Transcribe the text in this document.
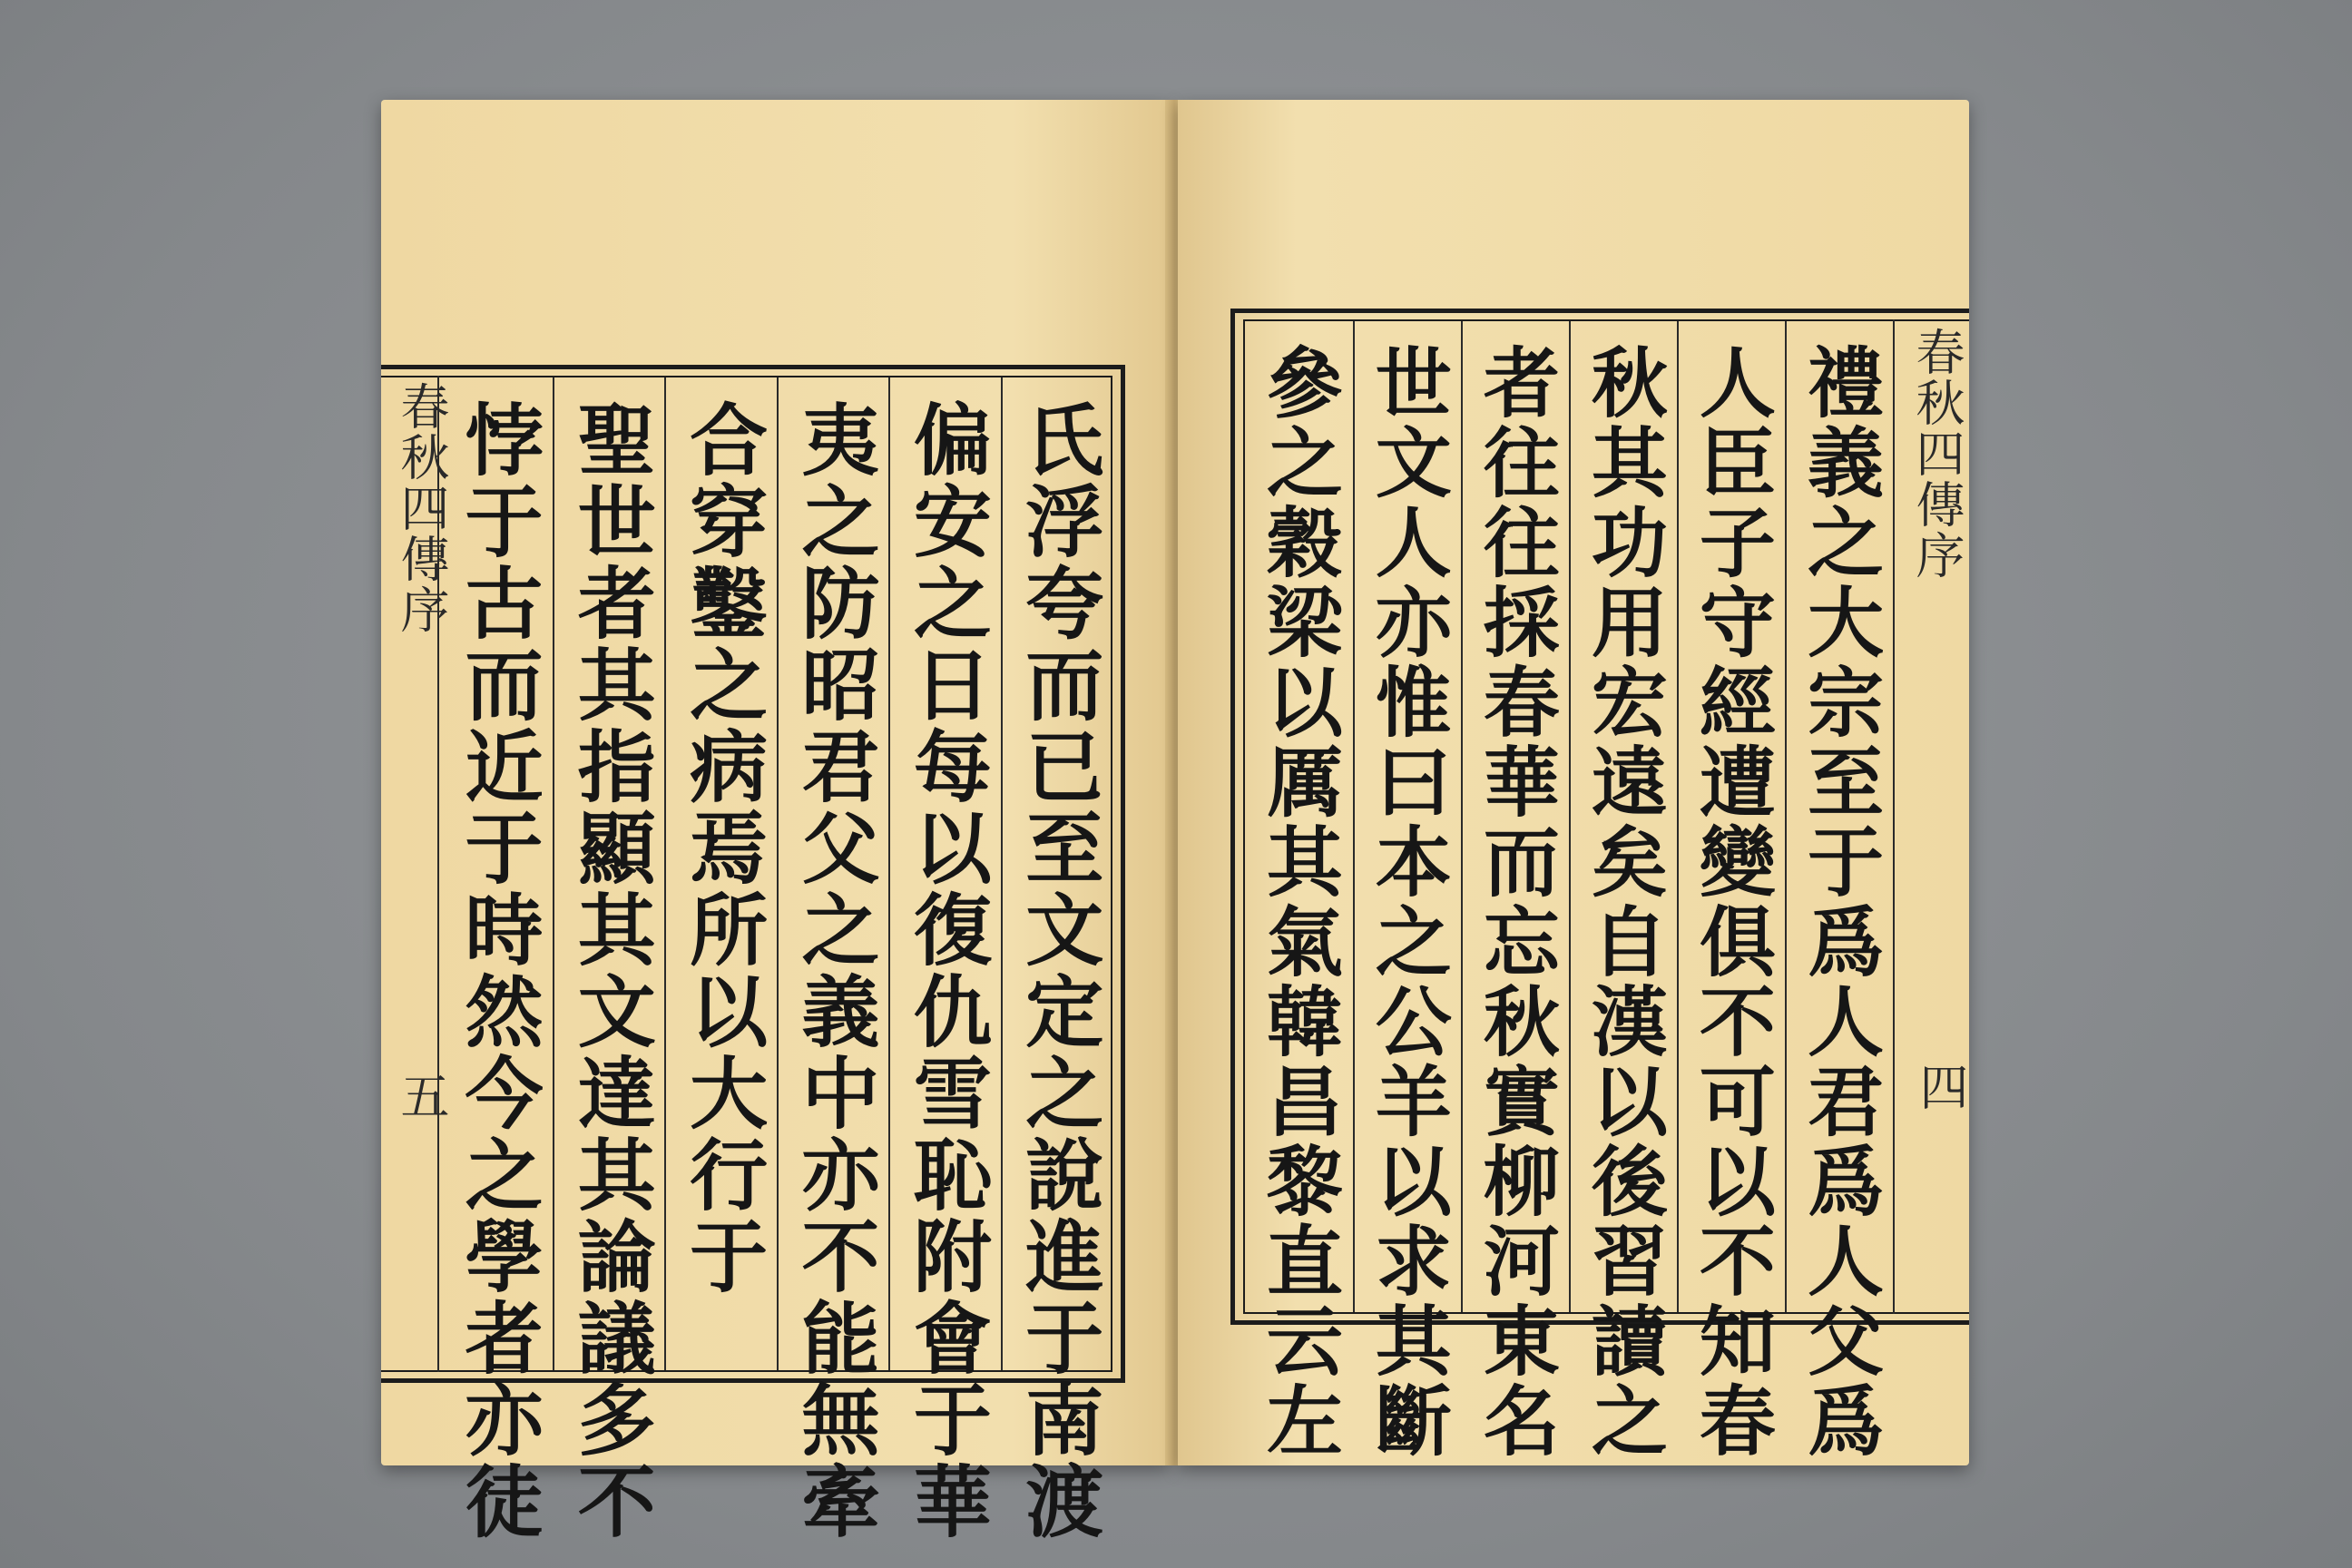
春秋四傳序
五	氏浮夸而已至文定之說進于南渡
偏安之日每以復仇雪恥附會于華
夷之防昭君父之義中亦不能無牽
合穿鑿之病焉所以大行于
聖世者其指顯其文達其論議多不
悖于古而近于時然今之學者亦徒	春秋四傳序
四
禮義之大宗至于爲人君爲人父爲
人臣子守經遭變俱不可以不知春
秋其功用宏遠矣自漢以後習讀之
者往往採春華而忘秋實柳河東名
世文人亦惟曰本之公羊以求其斷
參之穀梁以厲其氣韓昌黎直云左
